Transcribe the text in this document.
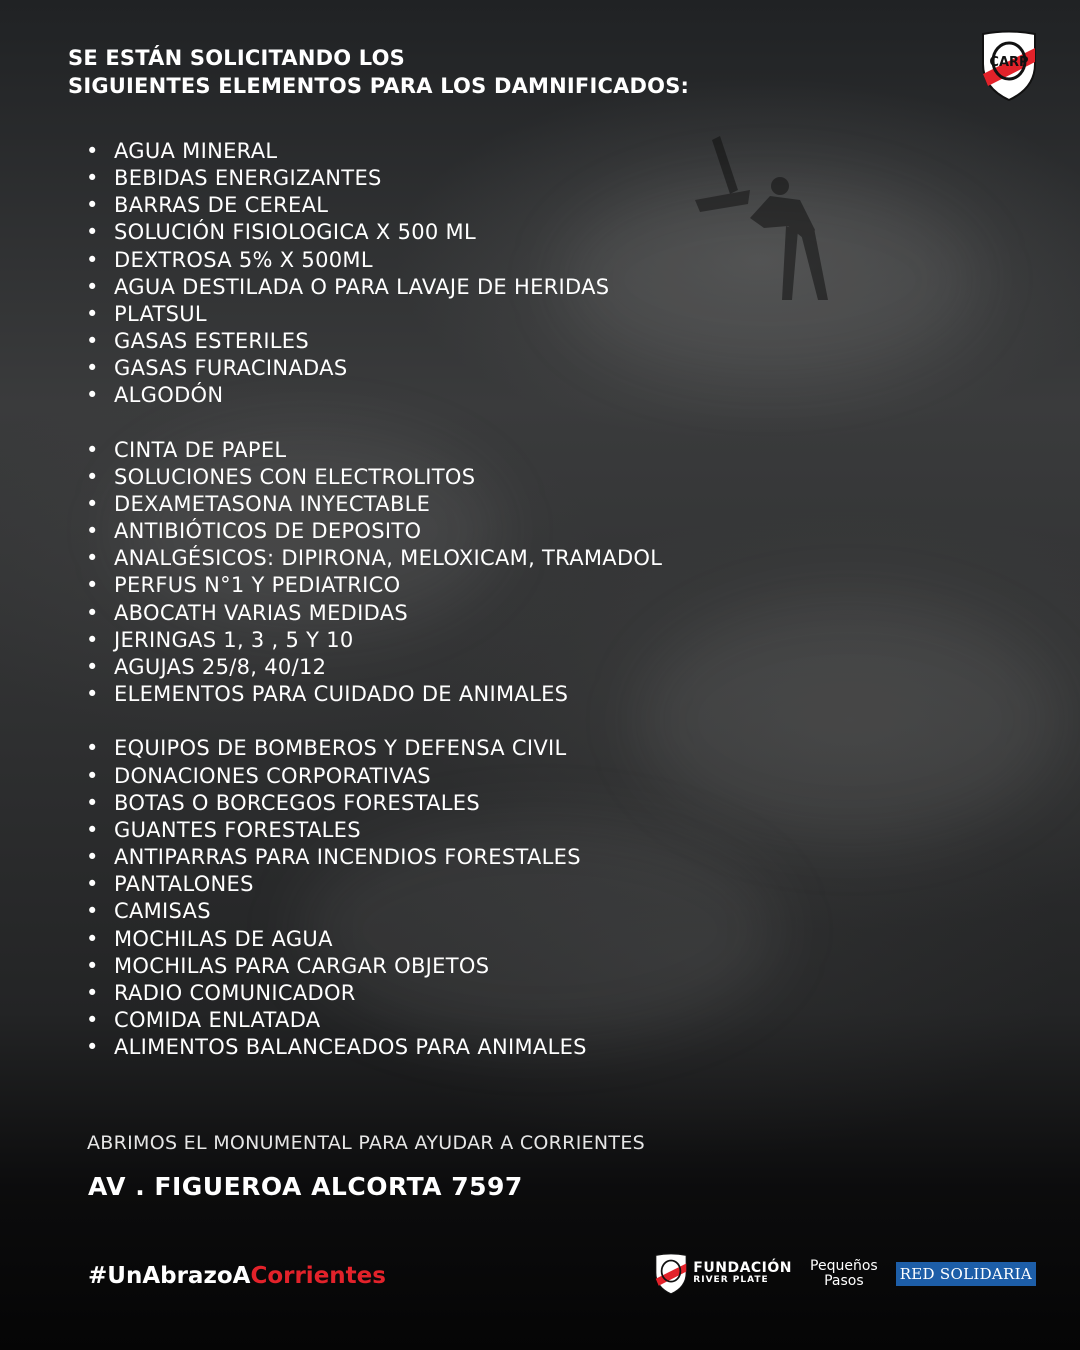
SE ESTÁN SOLICITANDO LOS
SIGUIENTES ELEMENTOS PARA LOS DAMNIFICADOS:
CARP
• AGUA MINERAL
• BEBIDAS ENERGIZANTES
• BARRAS DE CEREAL
• SOLUCIÓN FISIOLOGICA X 500 ML
• DEXTROSA 5% X 500ML
• AGUA DESTILADA O PARA LAVAJE DE HERIDAS
• PLATSUL
• GASAS ESTERILES
• GASAS FURACINADAS
• ALGODÓN
• CINTA DE PAPEL
• SOLUCIONES CON ELECTROLITOS
• DEXAMETASONA INYECTABLE
• ANTIBIÓTICOS DE DEPOSITO
• ANALGÉSICOS: DIPIRONA, MELOXICAM, TRAMADOL
• PERFUS N°1 Y PEDIATRICO
• ABOCATH VARIAS MEDIDAS
• JERINGAS 1, 3 , 5 Y 10
• AGUJAS 25/8, 40/12
• ELEMENTOS PARA CUIDADO DE ANIMALES
• EQUIPOS DE BOMBEROS Y DEFENSA CIVIL
• DONACIONES CORPORATIVAS
• BOTAS O BORCEGOS FORESTALES
• GUANTES FORESTALES
• ANTIPARRAS PARA INCENDIOS FORESTALES
• PANTALONES
• CAMISAS
• MOCHILAS DE AGUA
• MOCHILAS PARA CARGAR OBJETOS
• RADIO COMUNICADOR
• COMIDA ENLATADA
• ALIMENTOS BALANCEADOS PARA ANIMALES
ABRIMOS EL MONUMENTAL PARA AYUDAR A CORRIENTES
AV . FIGUEROA ALCORTA 7597
#UnAbrazoACorrientes	FUNDACIÓN
RIVER PLATE
Pequeños
Pasos	RED SOLIDARIA
